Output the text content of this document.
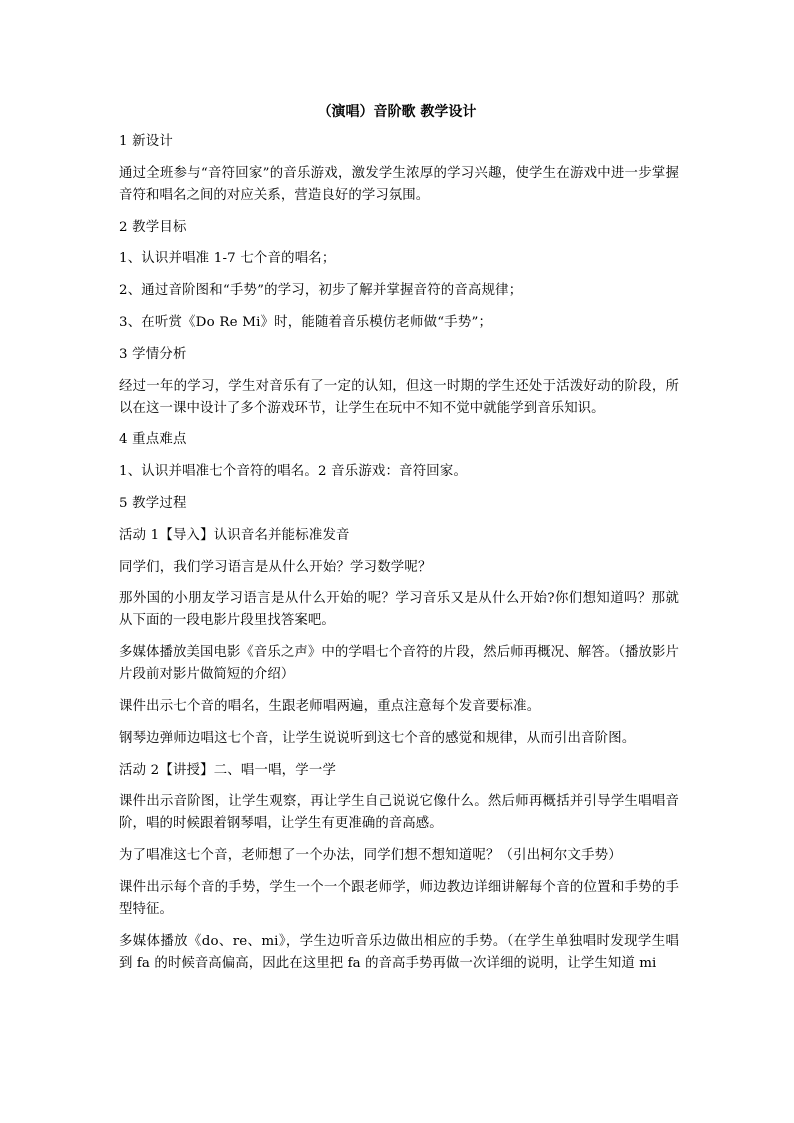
（演唱）音阶歌 教学设计
1 新设计
通过全班参与“音符回家”的音乐游戏，激发学生浓厚的学习兴趣，使学生在游戏中进一步掌握音符和唱名之间的对应关系，营造良好的学习氛围。
2 教学目标
1、认识并唱准 1-7 七个音的唱名；
2、通过音阶图和“手势”的学习，初步了解并掌握音符的音高规律；
3、在听赏《Do Re Mi》时，能随着音乐模仿老师做“手势”；
3 学情分析
经过一年的学习，学生对音乐有了一定的认知，但这一时期的学生还处于活泼好动的阶段，所以在这一课中设计了多个游戏环节，让学生在玩中不知不觉中就能学到音乐知识。
4 重点难点
1、认识并唱准七个音符的唱名。2 音乐游戏：音符回家。
5 教学过程
活动 1【导入】认识音名并能标准发音
同学们，我们学习语言是从什么开始？学习数学呢？
那外国的小朋友学习语言是从什么开始的呢？学习音乐又是从什么开始?你们想知道吗？那就从下面的一段电影片段里找答案吧。
多媒体播放美国电影《音乐之声》中的学唱七个音符的片段，然后师再概况、解答。（播放影片片段前对影片做简短的介绍）
课件出示七个音的唱名，生跟老师唱两遍，重点注意每个发音要标准。
钢琴边弹师边唱这七个音，让学生说说听到这七个音的感觉和规律，从而引出音阶图。
活动 2【讲授】二、唱一唱，学一学
课件出示音阶图，让学生观察，再让学生自己说说它像什么。然后师再概括并引导学生唱唱音阶，唱的时候跟着钢琴唱，让学生有更准确的音高感。
为了唱准这七个音，老师想了一个办法，同学们想不想知道呢？（引出柯尔文手势）
课件出示每个音的手势，学生一个一个跟老师学，师边教边详细讲解每个音的位置和手势的手型特征。
多媒体播放《do、re、mi》，学生边听音乐边做出相应的手势。（在学生单独唱时发现学生唱到 fa 的时候音高偏高，因此在这里把 fa 的音高手势再做一次详细的说明，让学生知道 mi
